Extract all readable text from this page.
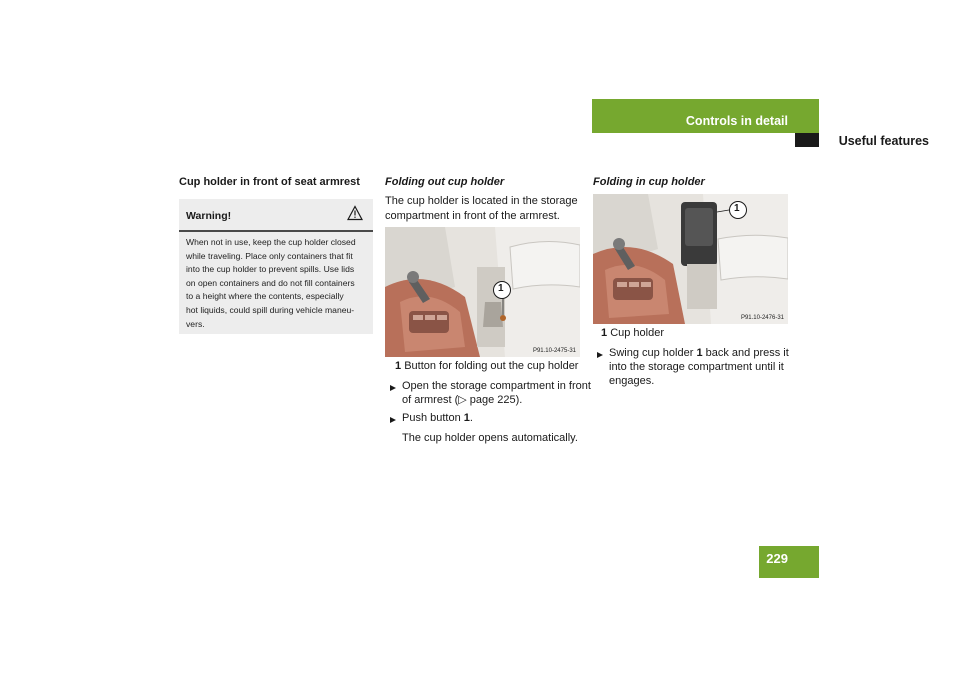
Controls in detail
Useful features
Cup holder in front of seat armrest
Warning!
When not in use, keep the cup holder closed
while traveling. Place only containers that fit
into the cup holder to prevent spills. Use lids
on open containers and do not fill containers
to a height where the contents, especially
hot liquids, could spill during vehicle maneu-
vers.
Folding out cup holder
The cup holder is located in the storage
compartment in front of the armrest.
1
P91.10-2475-31
1 Button for folding out the cup holder
Open the storage compartment in front
of armrest (▷ page 225).
Push button 1.
The cup holder opens automatically.
Folding in cup holder
1
P91.10-2476-31
1 Cup holder
Swing cup holder 1 back and press it
into the storage compartment until it
engages.
229
